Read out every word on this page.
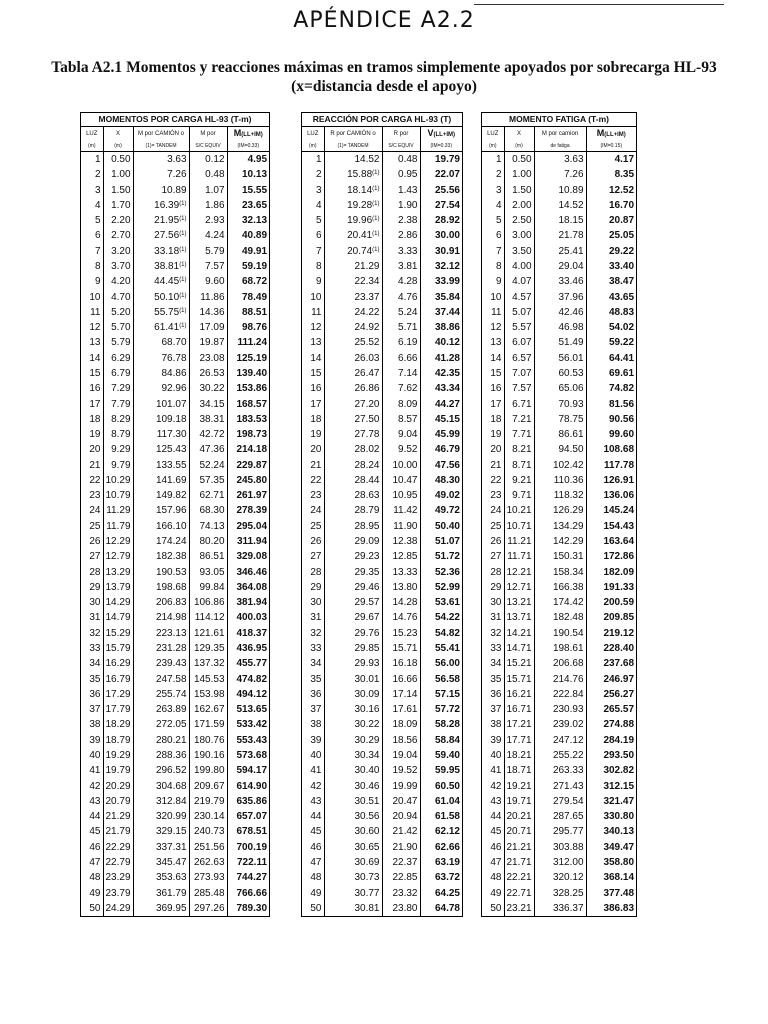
APÉNDICE A2.2
Tabla A2.1 Momentos y reacciones máximas en tramos simplemente apoyados por sobrecarga HL-93 (x=distancia desde el apoyo)
MOMENTOS POR CARGA HL-93 (T-m)				
LUZ	X	M por CAMIÓN o	M por	M(LL+IM)
(m)	(m)	(1)= TANDEM	S/C EQUIV	(IM=0.33)
1	0.50	3.63	0.12	4.95
2	1.00	7.26	0.48	10.13
3	1.50	10.89	1.07	15.55
4	1.70	16.39$^{(1)}$	1.86	23.65
5	2.20	21.95$^{(1)}$	2.93	32.13
6	2.70	27.56$^{(1)}$	4.24	40.89
7	3.20	33.18$^{(1)}$	5.79	49.91
8	3.70	38.81$^{(1)}$	7.57	59.19
9	4.20	44.45$^{(1)}$	9.60	68.72
10	4.70	50.10$^{(1)}$	11.86	78.49
11	5.20	55.75$^{(1)}$	14.36	88.51
12	5.70	61.41$^{(1)}$	17.09	98.76
13	5.79	68.70	19.87	111.24
14	6.29	76.78	23.08	125.19
15	6.79	84.86	26.53	139.40
16	7.29	92.96	30.22	153.86
17	7.79	101.07	34.15	168.57
18	8.29	109.18	38.31	183.53
19	8.79	117.30	42.72	198.73
20	9.29	125.43	47.36	214.18
21	9.79	133.55	52.24	229.87
22	10.29	141.69	57.35	245.80
23	10.79	149.82	62.71	261.97
24	11.29	157.96	68.30	278.39
25	11.79	166.10	74.13	295.04
26	12.29	174.24	80.20	311.94
27	12.79	182.38	86.51	329.08
28	13.29	190.53	93.05	346.46
29	13.79	198.68	99.84	364.08
30	14.29	206.83	106.86	381.94
31	14.79	214.98	114.12	400.03
32	15.29	223.13	121.61	418.37
33	15.79	231.28	129.35	436.95
34	16.29	239.43	137.32	455.77
35	16.79	247.58	145.53	474.82
36	17.29	255.74	153.98	494.12
37	17.79	263.89	162.67	513.65
38	18.29	272.05	171.59	533.42
39	18.79	280.21	180.76	553.43
40	19.29	288.36	190.16	573.68
41	19.79	296.52	199.80	594.17
42	20.29	304.68	209.67	614.90
43	20.79	312.84	219.79	635.86
44	21.29	320.99	230.14	657.07
45	21.79	329.15	240.73	678.51
46	22.29	337.31	251.56	700.19
47	22.79	345.47	262.63	722.11
48	23.29	353.63	273.93	744.27
49	23.79	361.79	285.48	766.66
50	24.29	369.95	297.26	789.30
REACCIÓN POR CARGA HL-93 (T)			
LUZ	R por CAMIÓN o	R por	V(LL+IM)
(m)	(1)= TANDEM	S/C EQUIV	(IM=0.33)
1	14.52	0.48	19.79
2	15.88$^{(1)}$	0.95	22.07
3	18.14$^{(1)}$	1.43	25.56
4	19.28$^{(1)}$	1.90	27.54
5	19.96$^{(1)}$	2.38	28.92
6	20.41$^{(1)}$	2.86	30.00
7	20.74$^{(1)}$	3.33	30.91
8	21.29	3.81	32.12
9	22.34	4.28	33.99
10	23.37	4.76	35.84
11	24.22	5.24	37.44
12	24.92	5.71	38.86
13	25.52	6.19	40.12
14	26.03	6.66	41.28
15	26.47	7.14	42.35
16	26.86	7.62	43.34
17	27.20	8.09	44.27
18	27.50	8.57	45.15
19	27.78	9.04	45.99
20	28.02	9.52	46.79
21	28.24	10.00	47.56
22	28.44	10.47	48.30
23	28.63	10.95	49.02
24	28.79	11.42	49.72
25	28.95	11.90	50.40
26	29.09	12.38	51.07
27	29.23	12.85	51.72
28	29.35	13.33	52.36
29	29.46	13.80	52.99
30	29.57	14.28	53.61
31	29.67	14.76	54.22
32	29.76	15.23	54.82
33	29.85	15.71	55.41
34	29.93	16.18	56.00
35	30.01	16.66	56.58
36	30.09	17.14	57.15
37	30.16	17.61	57.72
38	30.22	18.09	58.28
39	30.29	18.56	58.84
40	30.34	19.04	59.40
41	30.40	19.52	59.95
42	30.46	19.99	60.50
43	30.51	20.47	61.04
44	30.56	20.94	61.58
45	30.60	21.42	62.12
46	30.65	21.90	62.66
47	30.69	22.37	63.19
48	30.73	22.85	63.72
49	30.77	23.32	64.25
50	30.81	23.80	64.78
MOMENTO FATIGA (T-m)			
LUZ	X	M por camion	M(LL+IM)
(m)	(m)	de fatiga	(IM=0.15)
1	0.50	3.63	4.17
2	1.00	7.26	8.35
3	1.50	10.89	12.52
4	2.00	14.52	16.70
5	2.50	18.15	20.87
6	3.00	21.78	25.05
7	3.50	25.41	29.22
8	4.00	29.04	33.40
9	4.07	33.46	38.47
10	4.57	37.96	43.65
11	5.07	42.46	48.83
12	5.57	46.98	54.02
13	6.07	51.49	59.22
14	6.57	56.01	64.41
15	7.07	60.53	69.61
16	7.57	65.06	74.82
17	6.71	70.93	81.56
18	7.21	78.75	90.56
19	7.71	86.61	99.60
20	8.21	94.50	108.68
21	8.71	102.42	117.78
22	9.21	110.36	126.91
23	9.71	118.32	136.06
24	10.21	126.29	145.24
25	10.71	134.29	154.43
26	11.21	142.29	163.64
27	11.71	150.31	172.86
28	12.21	158.34	182.09
29	12.71	166.38	191.33
30	13.21	174.42	200.59
31	13.71	182.48	209.85
32	14.21	190.54	219.12
33	14.71	198.61	228.40
34	15.21	206.68	237.68
35	15.71	214.76	246.97
36	16.21	222.84	256.27
37	16.71	230.93	265.57
38	17.21	239.02	274.88
39	17.71	247.12	284.19
40	18.21	255.22	293.50
41	18.71	263.33	302.82
42	19.21	271.43	312.15
43	19.71	279.54	321.47
44	20.21	287.65	330.80
45	20.71	295.77	340.13
46	21.21	303.88	349.47
47	21.71	312.00	358.80
48	22.21	320.12	368.14
49	22.71	328.25	377.48
50	23.21	336.37	386.83
